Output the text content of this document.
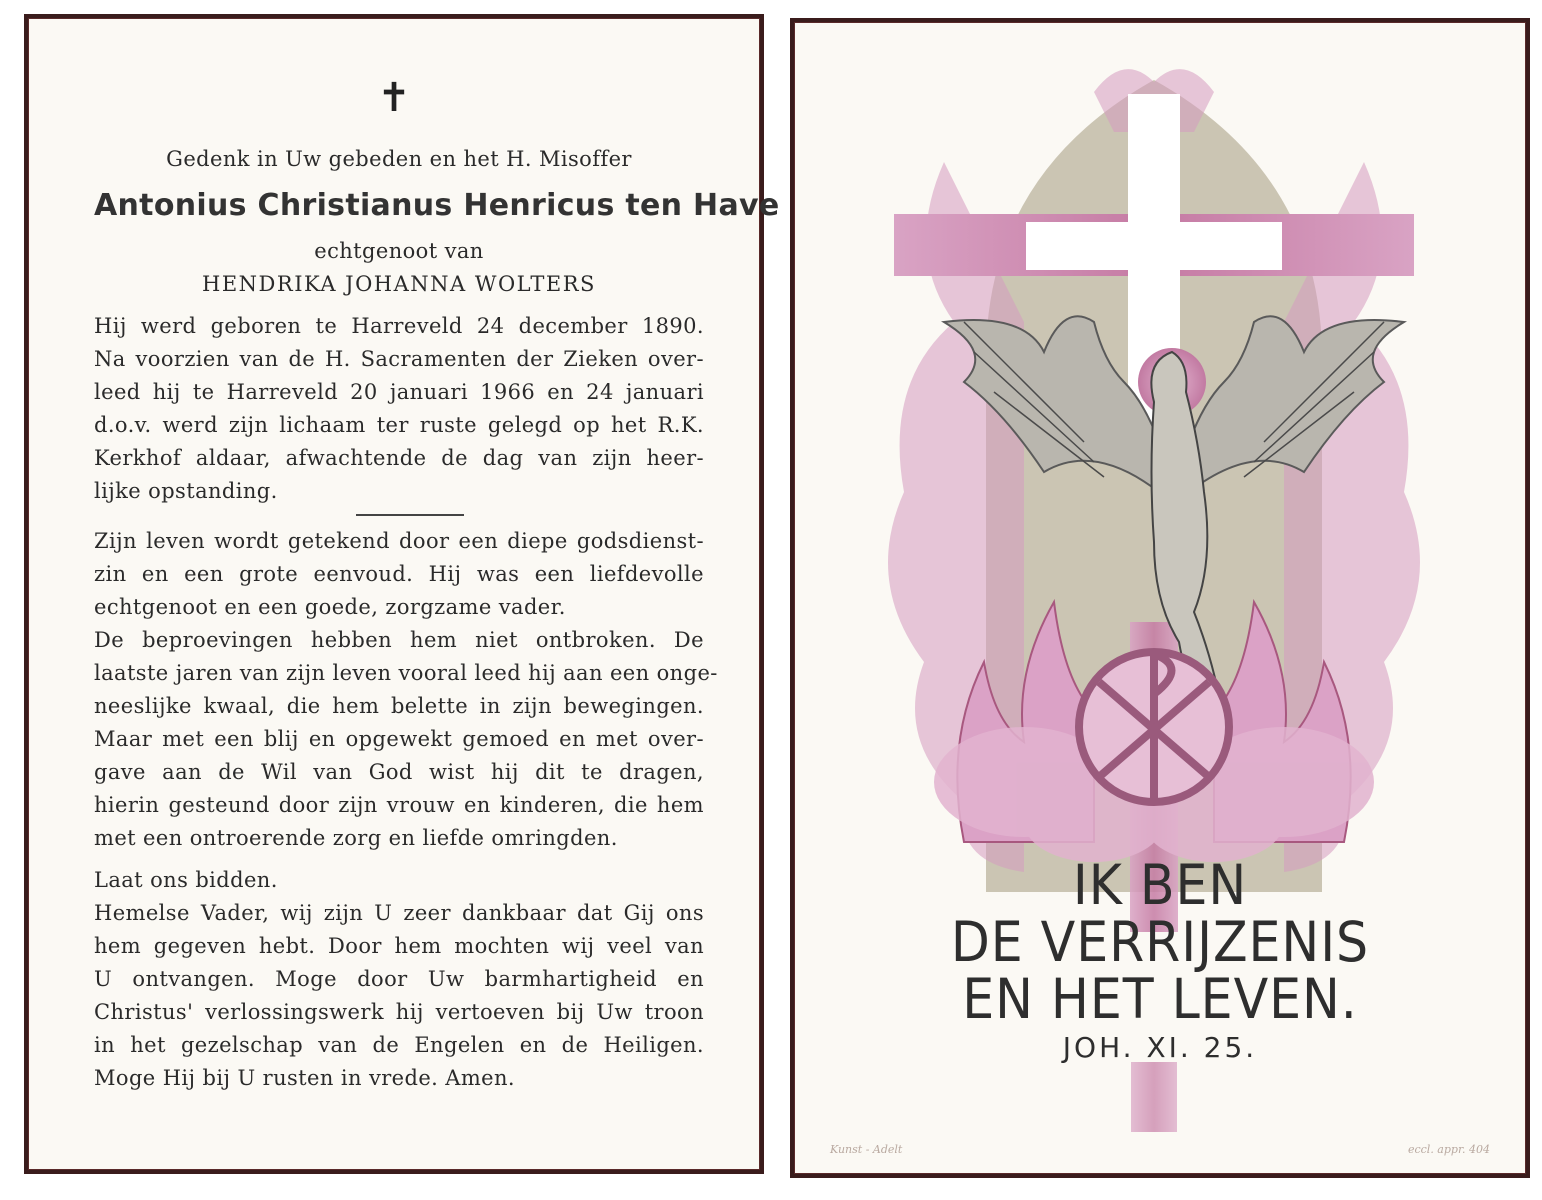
✝
Gedenk in Uw gebeden en het H. Misoffer
Antonius Christianus Henricus ten Have
echtgenoot van
HENDRIKA JOHANNA WOLTERS
Hij werd geboren te Harreveld 24 december 1890.
Na voorzien van de H. Sacramenten der Zieken over-
leed hij te Harreveld 20 januari 1966 en 24 januari
d.o.v. werd zijn lichaam ter ruste gelegd op het R.K.
Kerkhof aldaar, afwachtende de dag van zijn heer-
lijke opstanding.
Zijn leven wordt getekend door een diepe godsdienst-
zin en een grote eenvoud. Hij was een liefdevolle
echtgenoot en een goede, zorgzame vader.
De beproevingen hebben hem niet ontbroken. De
laatste jaren van zijn leven vooral leed hij aan een onge-
neeslijke kwaal, die hem belette in zijn bewegingen.
Maar met een blij en opgewekt gemoed en met over-
gave aan de Wil van God wist hij dit te dragen,
hierin gesteund door zijn vrouw en kinderen, die hem
met een ontroerende zorg en liefde omringden.
Laat ons bidden.
Hemelse Vader, wij zijn U zeer dankbaar dat Gij ons
hem gegeven hebt. Door hem mochten wij veel van
U ontvangen. Moge door Uw barmhartigheid en
Christus' verlossingswerk hij vertoeven bij Uw troon
in het gezelschap van de Engelen en de Heiligen.
Moge Hij bij U rusten in vrede. Amen.
IK BEN
DE VERRIJZENIS
EN HET LEVEN.
JOH. XI. 25.
Kunst - Adelt	eccl. appr. 404
